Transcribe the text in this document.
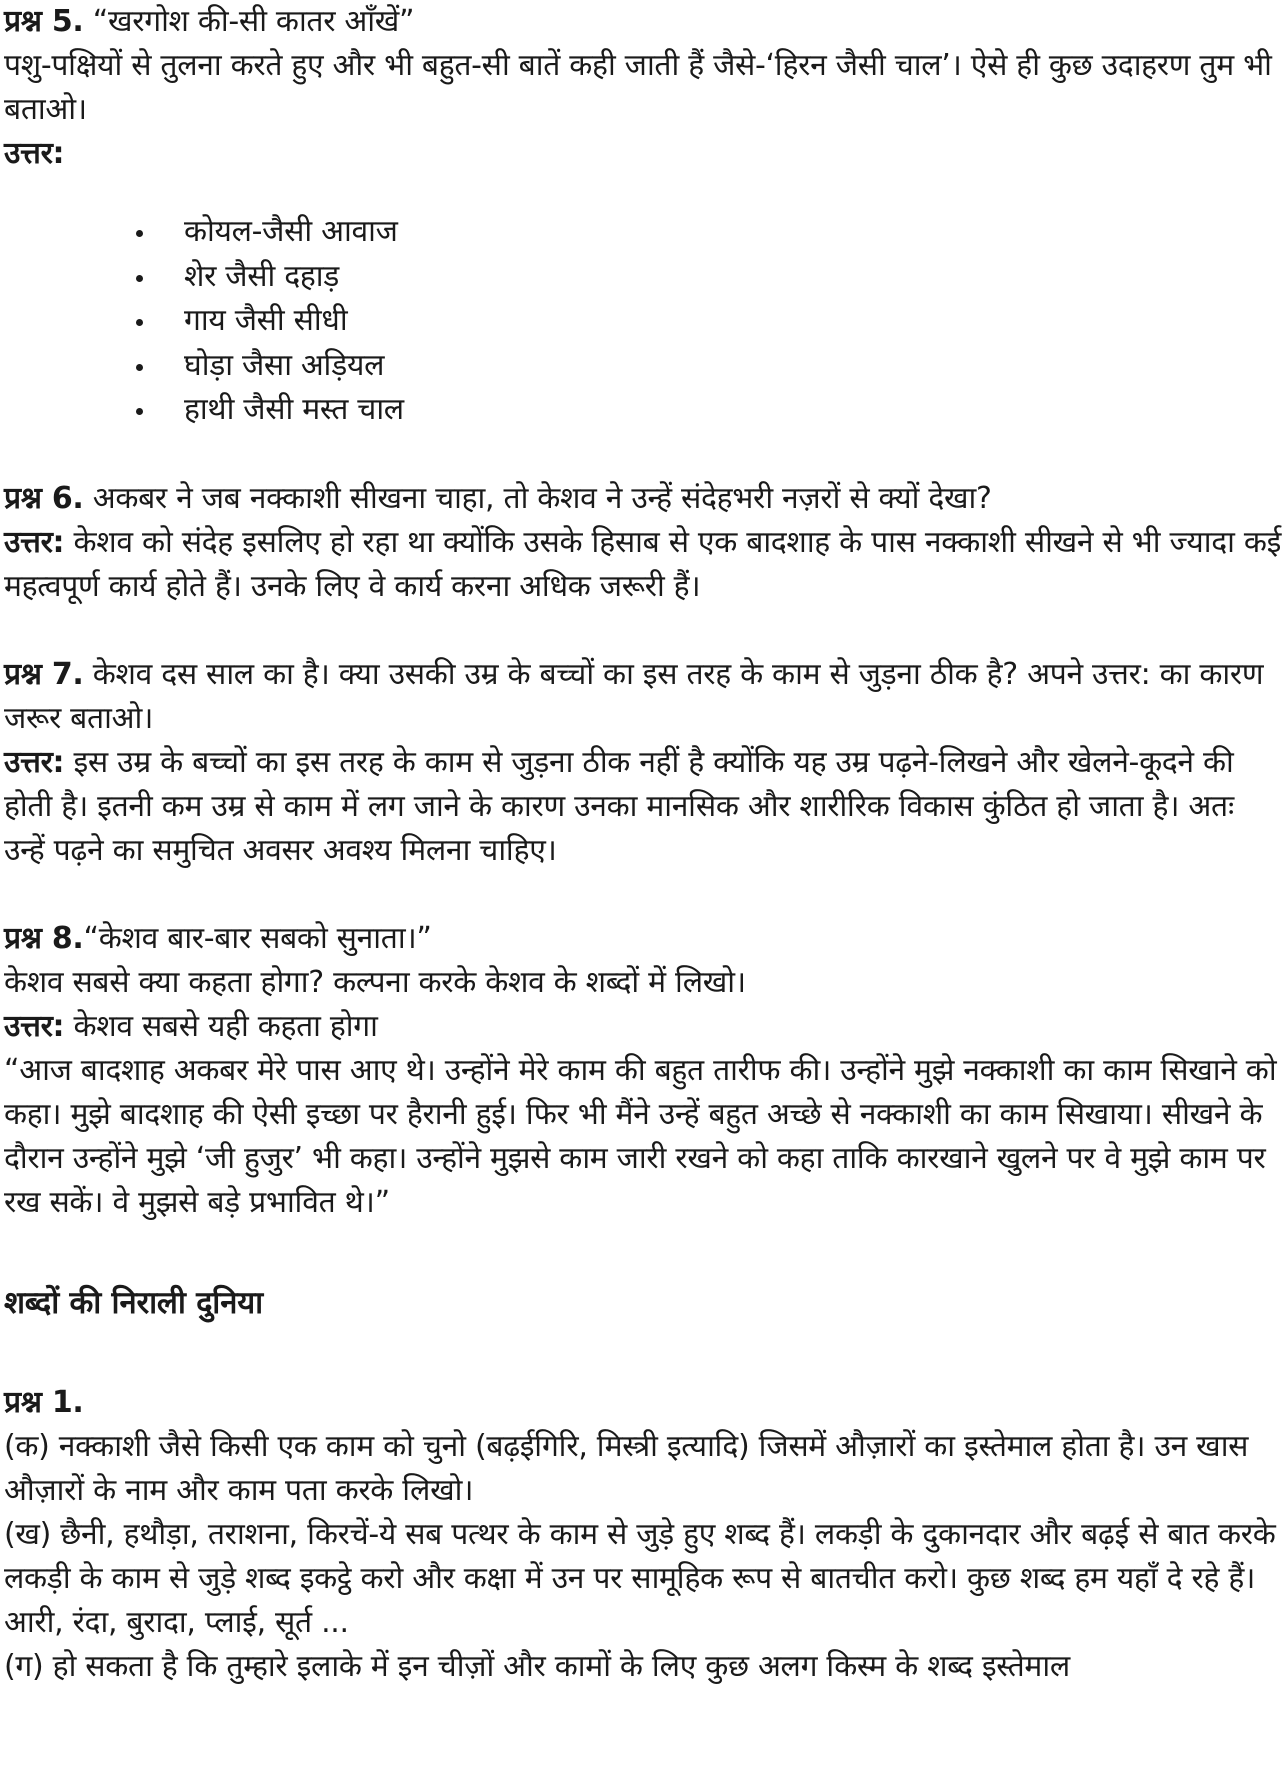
प्रश्न 5. “खरगोश की-सी कातर आँखें”

पशु-पक्षियों से तुलना करते हुए और भी बहुत-सी बातें कही जाती हैं जैसे-‘हिरन जैसी चाल’। ऐसे ही कुछ उदाहरण तुम भी बताओ।

उत्तर:

कोयल-जैसी आवाज
शेर जैसी दहाड़
गाय जैसी सीधी
घोड़ा जैसा अड़ियल
हाथी जैसी मस्त चाल

प्रश्न 6. अकबर ने जब नक्काशी सीखना चाहा, तो केशव ने उन्हें संदेहभरी नज़रों से क्यों देखा?

उत्तर: केशव को संदेह इसलिए हो रहा था क्योंकि उसके हिसाब से एक बादशाह के पास नक्काशी सीखने से भी ज्यादा कई महत्वपूर्ण कार्य होते हैं। उनके लिए वे कार्य करना अधिक जरूरी हैं।

प्रश्न 7. केशव दस साल का है। क्या उसकी उम्र के बच्चों का इस तरह के काम से जुड़ना ठीक है? अपने उत्तर: का कारण जरूर बताओ।

उत्तर: इस उम्र के बच्चों का इस तरह के काम से जुड़ना ठीक नहीं है क्योंकि यह उम्र पढ़ने-लिखने और खेलने-कूदने की होती है। इतनी कम उम्र से काम में लग जाने के कारण उनका मानसिक और शारीरिक विकास कुंठित हो जाता है। अतः उन्हें पढ़ने का समुचित अवसर अवश्य मिलना चाहिए।

प्रश्न 8.“केशव बार-बार सबको सुनाता।”

केशव सबसे क्या कहता होगा? कल्पना करके केशव के शब्दों में लिखो।

उत्तर: केशव सबसे यही कहता होगा

“आज बादशाह अकबर मेरे पास आए थे। उन्होंने मेरे काम की बहुत तारीफ की। उन्होंने मुझे नक्काशी का काम सिखाने को कहा। मुझे बादशाह की ऐसी इच्छा पर हैरानी हुई। फिर भी मैंने उन्हें बहुत अच्छे से नक्काशी का काम सिखाया। सीखने के दौरान उन्होंने मुझे ‘जी हुजुर’ भी कहा। उन्होंने मुझसे काम जारी रखने को कहा ताकि कारखाने खुलने पर वे मुझे काम पर रख सकें। वे मुझसे बड़े प्रभावित थे।”

शब्दों की निराली दुनिया

प्रश्न 1.

(क) नक्काशी जैसे किसी एक काम को चुनो (बढ़ईगिरि, मिस्त्री इत्यादि) जिसमें औज़ारों का इस्तेमाल होता है। उन खास औज़ारों के नाम और काम पता करके लिखो।

(ख) छैनी, हथौड़ा, तराशना, किरचें-ये सब पत्थर के काम से जुड़े हुए शब्द हैं। लकड़ी के दुकानदार और बढ़ई से बात करके लकड़ी के काम से जुड़े शब्द इकट्ठे करो और कक्षा में उन पर सामूहिक रूप से बातचीत करो। कुछ शब्द हम यहाँ दे रहे हैं।

आरी, रंदा, बुरादा, प्लाई, सूर्त ...

(ग) हो सकता है कि तुम्हारे इलाके में इन चीज़ों और कामों के लिए कुछ अलग किस्म के शब्द इस्तेमाल
